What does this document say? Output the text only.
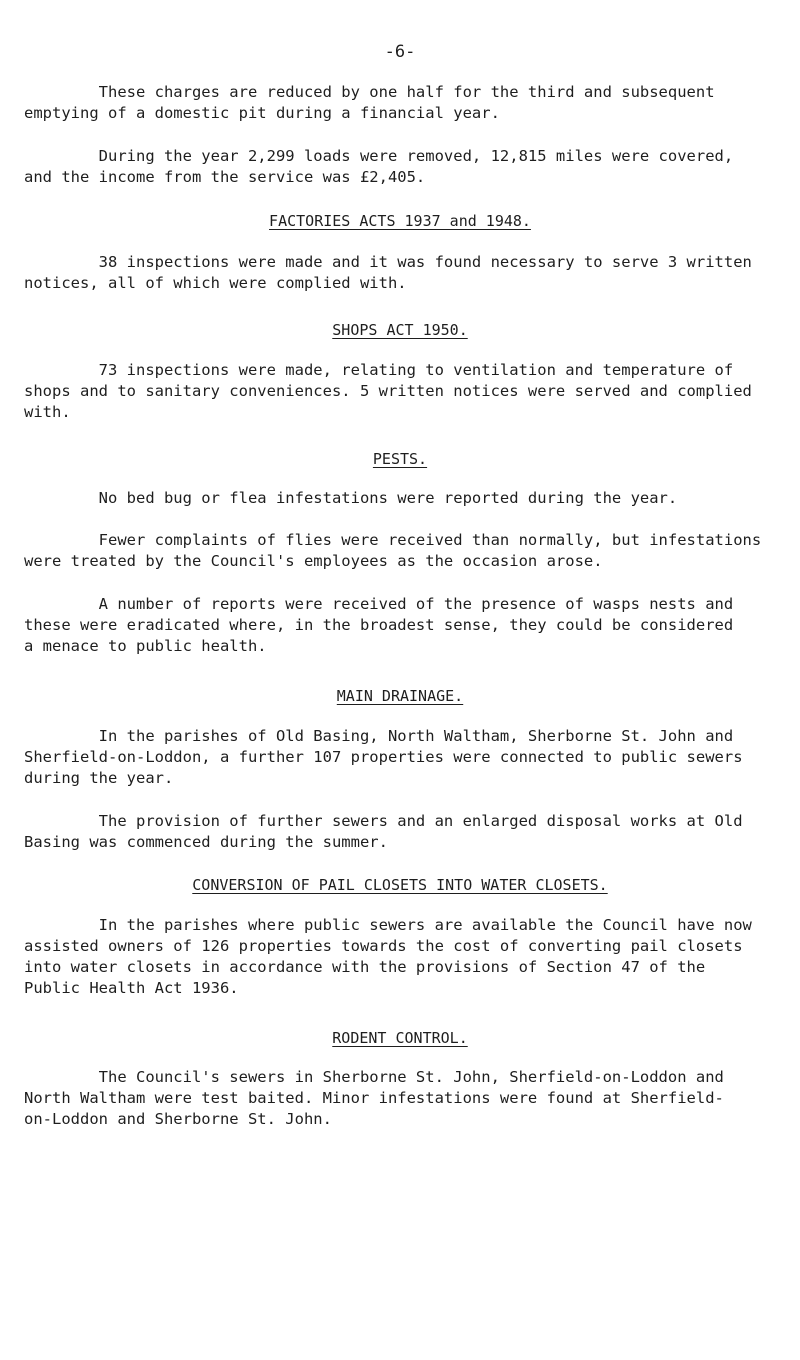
-6-
These charges are reduced by one half for the third and subsequent
emptying of a domestic pit during a financial year.
During the year 2,299 loads were removed, 12,815 miles were covered,
and the income from the service was £2,405.
FACTORIES ACTS 1937 and 1948.
38 inspections were made and it was found necessary to serve 3 written
notices, all of which were complied with.
SHOPS ACT 1950.
73 inspections were made, relating to ventilation and temperature of
shops and to sanitary conveniences. 5 written notices were served and complied
with.
PESTS.
No bed bug or flea infestations were reported during the year.
Fewer complaints of flies were received than normally, but infestations
were treated by the Council's employees as the occasion arose.
A number of reports were received of the presence of wasps nests and
these were eradicated where, in the broadest sense, they could be considered
a menace to public health.
MAIN DRAINAGE.
In the parishes of Old Basing, North Waltham, Sherborne St. John and
Sherfield-on-Loddon, a further 107 properties were connected to public sewers
during the year.
The provision of further sewers and an enlarged disposal works at Old
Basing was commenced during the summer.
CONVERSION OF PAIL CLOSETS INTO WATER CLOSETS.
In the parishes where public sewers are available the Council have now
assisted owners of 126 properties towards the cost of converting pail closets
into water closets in accordance with the provisions of Section 47 of the
Public Health Act 1936.
RODENT CONTROL.
The Council's sewers in Sherborne St. John, Sherfield-on-Loddon and
North Waltham were test baited. Minor infestations were found at Sherfield-
on-Loddon and Sherborne St. John.
